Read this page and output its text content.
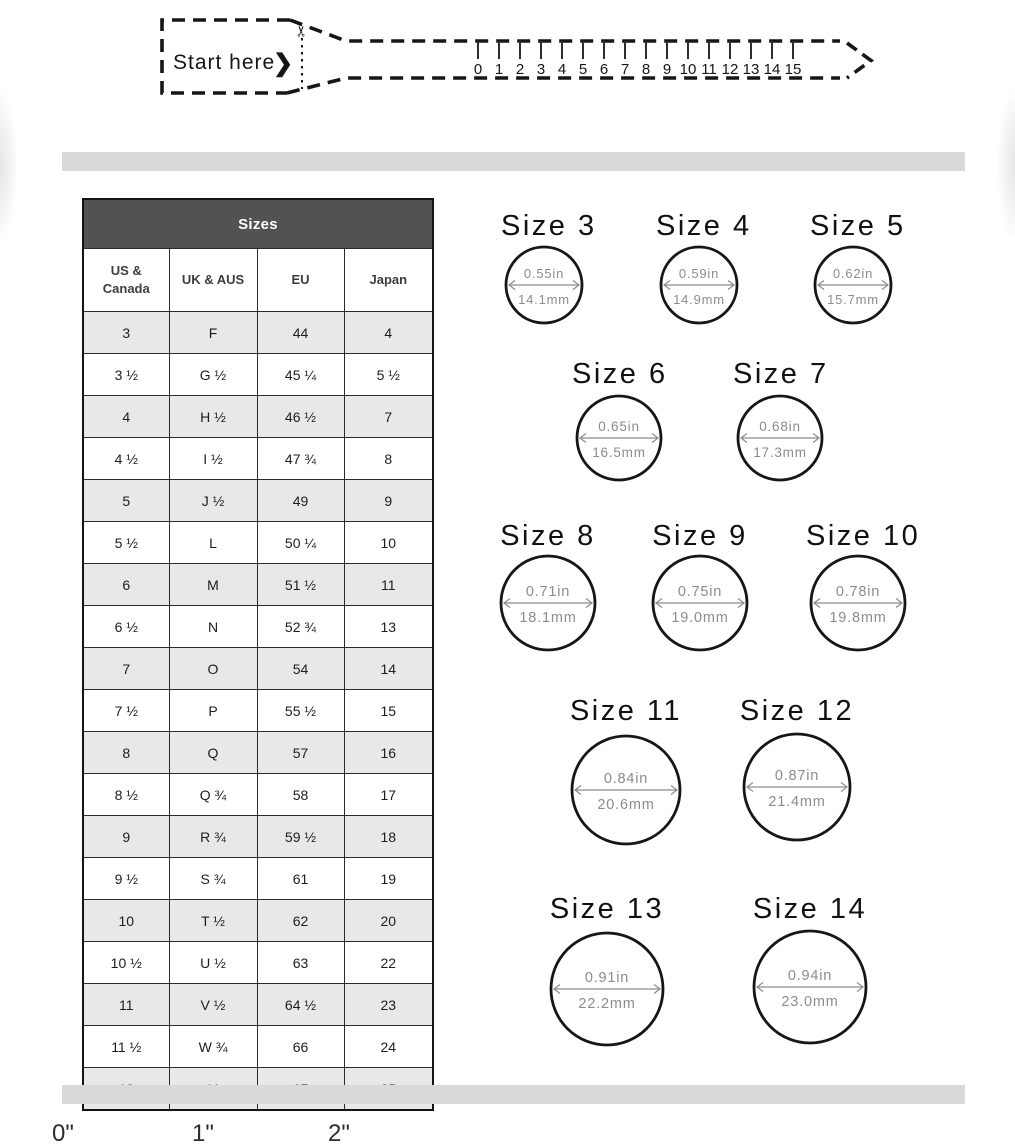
✂
Start here
❯	0 1 2 3 4 5 6 7 8 9 10 11 12 13 14 15
Sizes			
US & Canada	UK & AUS	EU	Japan
3	F	44	4
3 ½	G ½	45 ¼	5 ½
4	H ½	46 ½	7
4 ½	I ½	47 ¾	8
5	J ½	49	9
5 ½	L	50 ¼	10
6	M	51 ½	11
6 ½	N	52 ¾	13
7	O	54	14
7 ½	P	55 ½	15
8	Q	57	16
8 ½	Q ¾	58	17
9	R ¾	59 ½	18
9 ½	S ¾	61	19
10	T ½	62	20
10 ½	U ½	63	22
11	V ½	64 ½	23
11 ½	W ¾	66	24

Size 3
0.55in
14.1mm
Size 4
0.59in
14.9mm
Size 5
0.62in
15.7mm
Size 6
0.65in
16.5mm
Size 7
0.68in
17.3mm
Size 8
0.71in
18.1mm
Size 9
0.75in
19.0mm
Size 10
0.78in
19.8mm
Size 11
0.84in
20.6mm
Size 12
0.87in
21.4mm
Size 13
0.91in
22.2mm
Size 14
0.94in
23.0mm
0"	1"	2"
